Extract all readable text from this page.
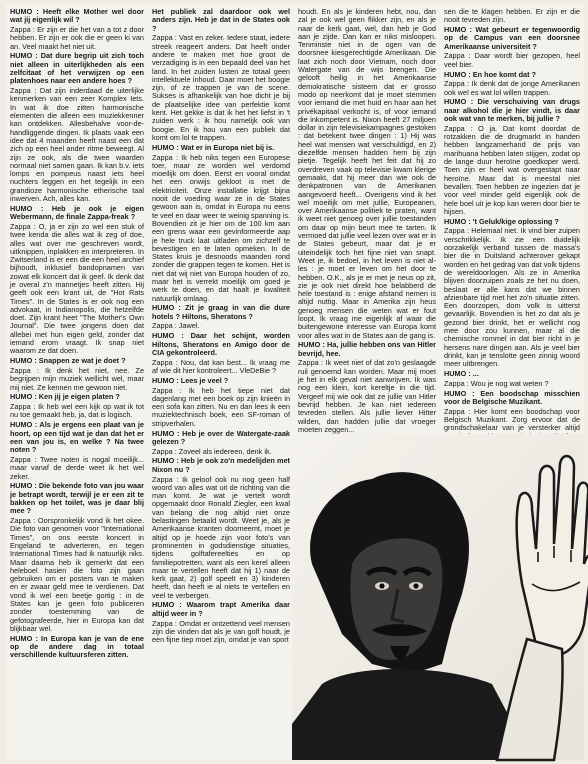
HUMO : Heeft elke Mother wel door wat jij eigenlijk wil ?

Zappa : Er zijn er die het van a tot z door hebben. Er zijn er ook die er geen ki van an. Veel maakt het niet uit.

HUMO : Dat dure begrip uit zich toch niet alleen in uiterlijkheden als een zelfcitaat of het verwijzen op een platenhoes naar een andere hoes ?

Zappa : Dat zijn inderdaad de uiterlijke kenmerken van een zeer Komplex Iets. In wat ik doe zitten harmonische elementen die alleen een muziekkenner kan ontdekken. Allesbehalve voor-de-handliggende dingen. Ik plaats vaak een idee dat 4 maanden heeft naast een dat zich op een heel ander ritme beweegt. Al zijn ze ook, als die twee waarden normaal niet samen gaan. Ik kan b.v. iets lomps en pompeus naast iets heel nuchters leggen en het tegelijk in een grandioze harmonische etherische taal inwerven. Ach, alles kan.

HUMO : Heb je ook je eigen Webermann, de finale Zappa-freak ?

Zappa : O, ja er zijn zo wel een stuk of twee kenda die alles wat ik zeg of doe, alles wat over me geschreven wordt, uitknippen, inplakken en interpreteren. In Zwitserland is er een die een heel archief bijhoudt, inklusief bandopnamen van zowat elk koncert dat ik geef. Ik denk dat je overal z'n mannetjes heeft zitten. Hij geeft ook een krant uit, de "Hot Rats Times". In de States is er ook nog een advokaat, in Indianopolis, die hetzelfde doet. Zijn krant heet "The Mother's Own Journal". Die twee jongens doen dat allebei met hun eigen geld, zonder dat iemand erom vraagt. Ik snap niet waarom ze dat doen.

HUMO : Snappen ze wat je doet ?

Zappa : Ik denk het niet, nee. Ze begrijpen mijn muziek wellicht wel, maar mij niet. Ze kennen me gewoon niet.

HUMO : Ken jij je eigen platen ?

Zappa : Ik heb wel een kijk op wat ik tot nu toe gemaakt heb, ja, dat is logisch.

HUMO : Als je ergens een plaat van je hoort, op een tijd wat je dan dat het er een van jou is, en welke ? Na twee noten ?

Zappa : Twee noten is nogal moeilijk... maar vanaf de derde weet ik het wel zeker.

HUMO : Die bekende foto van jou waar je betrapt wordt, terwijl je er een zit te bakken op het toilet, was je daar blij mee ?

Zappa : Oorspronkelijk vond ik het okee. Die foto van genomen voor "International Times", on ons eerste koncert in Engeland te adverteren, en tegen International Times had ik natuurlijk niks. Maar daarna heb ik gemerkt dat een heleboel hasien die foto zijn gaan gebruiken om er posters van te maken en er zwaar geld mee te verdienen. Dat vond ik wel een beetje gortig : in de States kan je geen foto publiceren zonder toestemming van de gefotografeerde, hier in Europa kan dat blijkbaar wel.

HUMO : In Europa kan je van de ene op de andere dag in totaal verschillende kultuursferen zitten.

Het publiek zal daardoor ook wel anders zijn. Heb je dat in de States ook ?

Zappa : Vast en zeker. Iedere staat, iedere streek reageert anders. Dat heeft onder andere te maken met hoe groot de verzadiging is in een bepaald deel van het land. In het zuiden lusten ze totaal geen intellektuele inhoud. Daar moet het boogie zijn, of ze trappen je van de scene. Sukses is afhankelijk van hoe dicht je bij de plaatselijke idee van perfektie komt kent. Het gekke is dat ik het het liefst in 't zuiden werk : ik hou namelijk ook van boogie. En ik hou van een publiek dat komt om lol te trappen.

HUMO : Wat er in Europa niet bij is.

Zappa : Ik heb niks tegen een Europese toer, maar ze worden wel verdomd moeilijk om doen. Eerst en vooral omdat het een onwijs gekloot is met de elektriciteit. Onze installatie krijgt bijna nooit de voeding waar ze in de States gewoon aan is, omdat in Europa nu eens te veel en daar weer te weinig spanning is. Bovendien zit je hier om de 100 km aan een grens waar een gevinformeerde aap je hele truck laat uitladen om zichzelf te bevestigen en te laten opmeken. In de States kruis je desnoods maanden rond zonder die grappen tegen te komen. Het is niet dat wij niet van Europa houden of zo, maar het is verrekt moeilijk om goed je werk te doen, en dat haalt je kwaliteit natuurlijk omlaag.

HUMO : Zit je graag in van die dure hotels ? Hiltons, Sheratons ?

Zappa : Jawel.

HUMO : Daar het schijnt, worden Hiltons, Sheratons en Amigo door de CIA gekontroleerd.

Zappa : Nou, dat kan best... Ik vraag me af wie dit hier kontroleert... VleDeBie ?

HUMO : Lees je veel ?

Zappa : Ik heb het tiepe niet dat dagenlang met een boek op zijn knieën in een sofa kan zitten. Nu en dan lees ik een muziektechnisch boek, een SF-roman of stripverhalen.

HUMO : Heb je over de Watergate-zaak gelezen ?

Zappa : Zoveel als iedereen, denk ik.

HUMO : Heb je ook zo'n medelijden met Nixon nu ?

Zappa : Ik geloof ook nu nog geen half woord van alles wat uit de richting van die man komt. Je wat je vertelt wordt opgemaakt door Ronald Ziegler, een kwal van belang die nog altijd niet onze belastingen betaald wordt. Weet je, als je Amerikaanse kranten doorneemt, moet je altijd op je hoede zijn voor foto's van prominenten in godsdienstige situaties, tijdens golftafereelties en op familiepotretten, want als een kerel alleen maar te vertellen heeft dat hij 1) naar de kerk gaat, 2) golf speelt en 3) kinderen heeft, dan heeft ie al niets te vertellen en veel te verbergen.

HUMO : Waarom trapt Amerika daar altijd weer in ?

Zappa : Omdat er ontzettend veel mensen zijn die vinden dat als je van golf houdt, je een fijne tiep moet zijn, omdat je van sport

houdt. En als je kinderen hebt, nou, dan zal je ook wel geen flikker zijn, en als je naar de kerk gaat, wel, dan heb je God aan je zijde. Dan kan er niks misloopen. Tenminste niet in de ogen van de doorsnee kiesgerechtigde Amerikaan. Die laat zich noch door Vietnam, noch door Watergate van de wijs brengen. Die gelooft heilig in het Amerikaanse demokratische sisteem dat er grosso modo op neerkomt dat je moet stemmen voor iemand die met huid en haar aan het privékapitaal verkocht is, of voor iemand die inkompetent is. Nixon heeft 27 miljoen dollar in zijn televisiekampagnes gestoken : dat betekent twee dingen : 1) Hij was heel wat mensen wat verschuldigd, en 2) diezelfde mensen hadden hem bij zijn pietje. Tegelijk heeft het feit dat hij zo overdreven vaak op televisie kwam klerige gemaakt, dat hij meer dan wie ook de denkpatronen van de Amerikanen aangevoerd heeft... Overigens vind ik het wel moeilijk om met jullie, Europeanen, over Amerikaanse politiek te praten, want ik weet niet genoeg over jullie toestanden om daar op mijn beurt mee te tarten. Ik vermoed dat jullie veel lezen over wat er in de States gebeurt, maar dat je er uiteindelijk toch het fijne niet van snapt. Weet je, ik bedoel, in het leven is niet al- les : je moet er leven om het door te hebben. O.K., als je er met je neus op zit, zie je ook niet direkt hoe belabberd de hele toestand is : enige afstand nemen is altijd nuttig. Maar in Amerika zijn heus genoeg mensen die weten wat er fout loopt. Ik vraag me eigenlijk af waar die buitengewone interesse van Europa komt voor alles wat in de States aan de gang is.

HUMO : Ha, jullie hebben ons van Hitler bevrijd, hee.

Zappa : Ik weet niet of dat zo'n geslaagde ruil genoemd kan worden. Maar mij moet je het in elk geval niet aanwrijven. Ik was nog een klein, kort kereltje in die tijd. Vergeef mij wie ook dat ze jullie van Hitler bevrijd hebben. Je kan niet iedereen tevreden stellen. Als jullie liever Hitter wilden, dan hadden jullie dat vroeger moeten zeggen...

sen die te klagen hebben. Er zijn er die nooit tevreden zijn.

HUMO : Wat gebeurt er tegenwoordig op de Campus van een doorsnee Amerikaanse universiteit ?

Zappa : Daar wordt bier gezopen, heel veel bier.

HUMO : En hoe komt dat ?

Zappa : Ik denk dat de jonge Amerikanen ook wel es wat lol willen trappen.

HUMO : Die verschuiving van drugs naar alkohol die je hier vindt, is daar ook wat van te merken, bij jullie ?

Zappa : O ja. Dat komt doordat de rotzakken die de drugmarkt in handen hebben langzamerhand de prijs van marihuana hebben laten stijgen, zodat op de lange duur heroïne goedkoper werd. Toen zijn er heel wat overgestapt naar heroïne. Maar dat is meestal niet bevallen. Toen hebben ze ingezien dat je voor veel minder geld eigenlijk ook de hele boel uit je kop kan weren door bier te hijsen.

HUMO : 't Geluk/kige oplossing ?

Zappa : Helemaal niet. Ik vind bier zuipen verschrikkelijk. Ik zie een duidelijk oorzakelijk verband tussen de massa's bier die in Duitsland achterover gekapt worden en het gedrag van dat volk tijdens de wereldoorlogen. Als ze in Amerika blijven doorzuipen zoals ze het nu doen, beslaat er alle kans dat we binnen afzienbare tijd met het zo'n situatie zitten. Een doorzopen, dom volk is uitterst gevaarlijk. Bovendien is het zo dat als je gezond bier drinkt, het er wellicht nog mee door zou kunnen, maar al die chemische rommel in dat bier richt in je hersens nare dingen aan. Als je veel bier drinkt, kan je tenslotte geen zinnig woord meer uitbrengen.

HUMO : ...

Zappa : Wou je nog wat weten ?

HUMO : Een boodschap misschien voor de Belgische Muzikant.

Zappa : Hier komt een boodschap voor Belgisch Muzikant. Zorg ervoor dat de grondschakelaar van je versterker altijd
